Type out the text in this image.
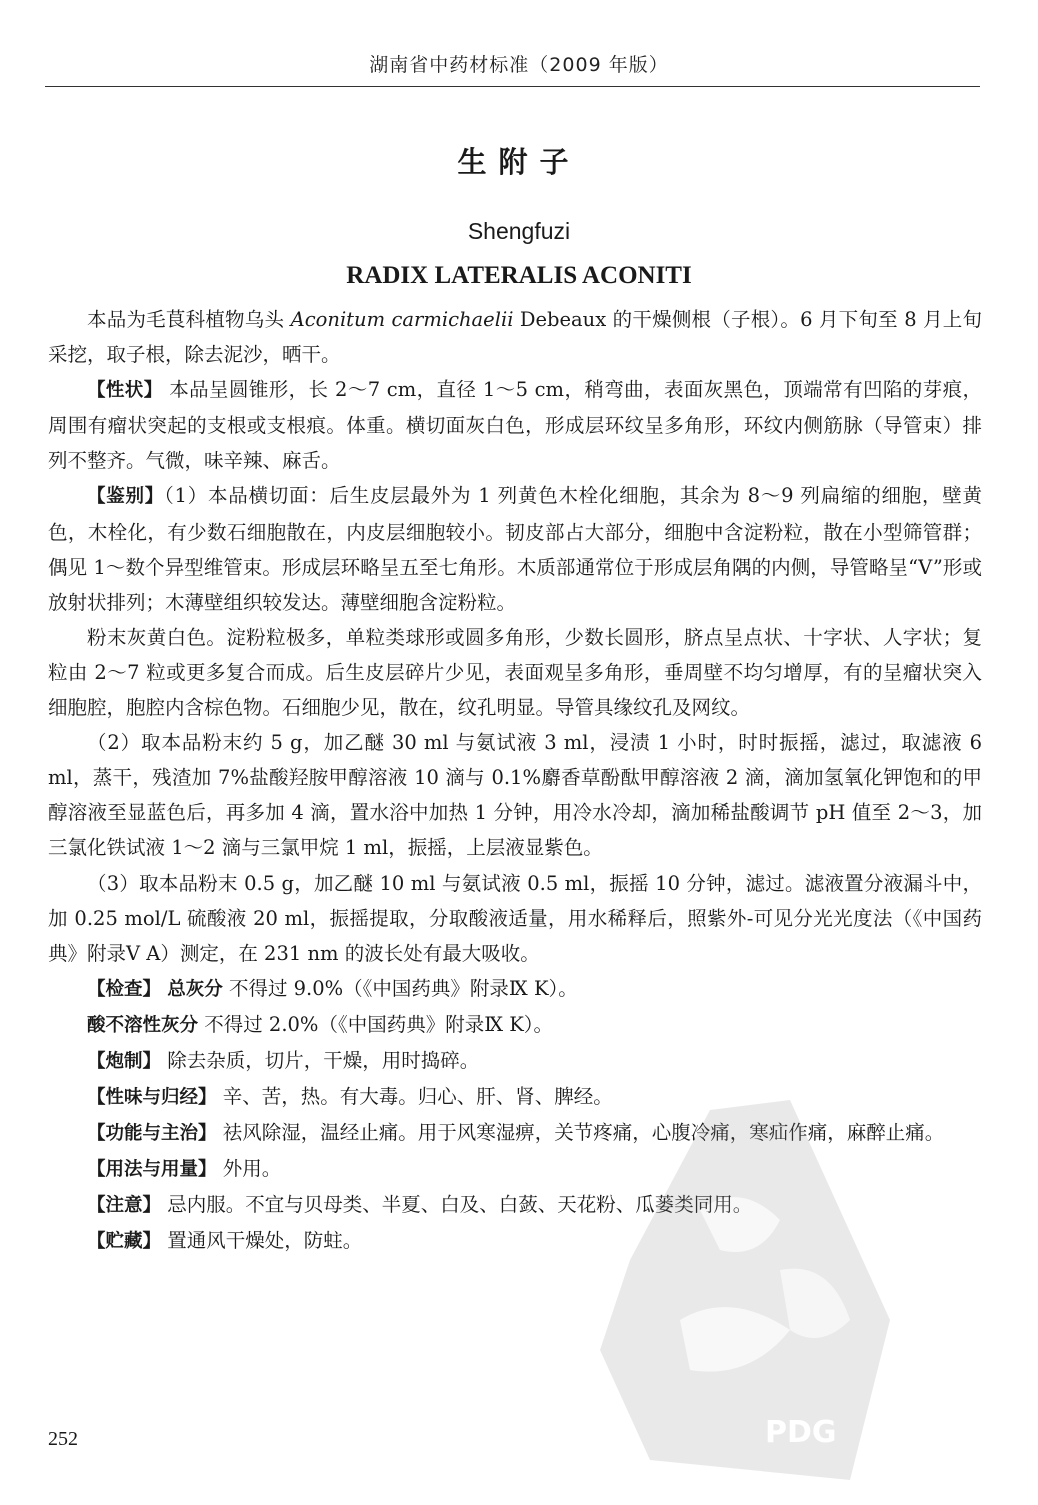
湖南省中药材标准（2009 年版）
生附子
Shengfuzi
RADIX LATERALIS ACONITI

本品为毛茛科植物乌头 Aconitum carmichaelii Debeaux 的干燥侧根（子根）。6 月下旬至 8 月上旬采挖，取子根，除去泥沙，晒干。

【性状】 本品呈圆锥形，长 2～7 cm，直径 1～5 cm，稍弯曲，表面灰黑色，顶端常有凹陷的芽痕，周围有瘤状突起的支根或支根痕。体重。横切面灰白色，形成层环纹呈多角形，环纹内侧筋脉（导管束）排列不整齐。气微，味辛辣、麻舌。

【鉴别】（1）本品横切面：后生皮层最外为 1 列黄色木栓化细胞，其余为 8～9 列扁缩的细胞，壁黄色，木栓化，有少数石细胞散在，内皮层细胞较小。韧皮部占大部分，细胞中含淀粉粒，散在小型筛管群；偶见 1～数个异型维管束。形成层环略呈五至七角形。木质部通常位于形成层角隅的内侧，导管略呈“V”形或放射状排列；木薄壁组织较发达。薄壁细胞含淀粉粒。

粉末灰黄白色。淀粉粒极多，单粒类球形或圆多角形，少数长圆形，脐点呈点状、十字状、人字状；复粒由 2～7 粒或更多复合而成。后生皮层碎片少见，表面观呈多角形，垂周壁不均匀增厚，有的呈瘤状突入细胞腔，胞腔内含棕色物。石细胞少见，散在，纹孔明显。导管具缘纹孔及网纹。

（2）取本品粉末约 5 g，加乙醚 30 ml 与氨试液 3 ml，浸渍 1 小时，时时振摇，滤过，取滤液 6 ml，蒸干，残渣加 7%盐酸羟胺甲醇溶液 10 滴与 0.1%麝香草酚酞甲醇溶液 2 滴，滴加氢氧化钾饱和的甲醇溶液至显蓝色后，再多加 4 滴，置水浴中加热 1 分钟，用冷水冷却，滴加稀盐酸调节 pH 值至 2～3，加三氯化铁试液 1～2 滴与三氯甲烷 1 ml，振摇，上层液显紫色。

（3）取本品粉末 0.5 g，加乙醚 10 ml 与氨试液 0.5 ml，振摇 10 分钟，滤过。滤液置分液漏斗中，加 0.25 mol/L 硫酸液 20 ml，振摇提取，分取酸液适量，用水稀释后，照紫外-可见分光光度法（《中国药典》附录Ⅴ A）测定，在 231 nm 的波长处有最大吸收。

【检查】 总灰分 不得过 9.0%（《中国药典》附录Ⅸ K）。

酸不溶性灰分 不得过 2.0%（《中国药典》附录Ⅸ K）。

【炮制】 除去杂质，切片，干燥，用时捣碎。

【性味与归经】 辛、苦，热。有大毒。归心、肝、肾、脾经。

【功能与主治】 祛风除湿，温经止痛。用于风寒湿痹，关节疼痛，心腹冷痛，寒疝作痛，麻醉止痛。

【用法与用量】 外用。

【注意】 忌内服。不宜与贝母类、半夏、白及、白蔹、天花粉、瓜蒌类同用。

【贮藏】 置通风干燥处，防蛀。

252	PDG
